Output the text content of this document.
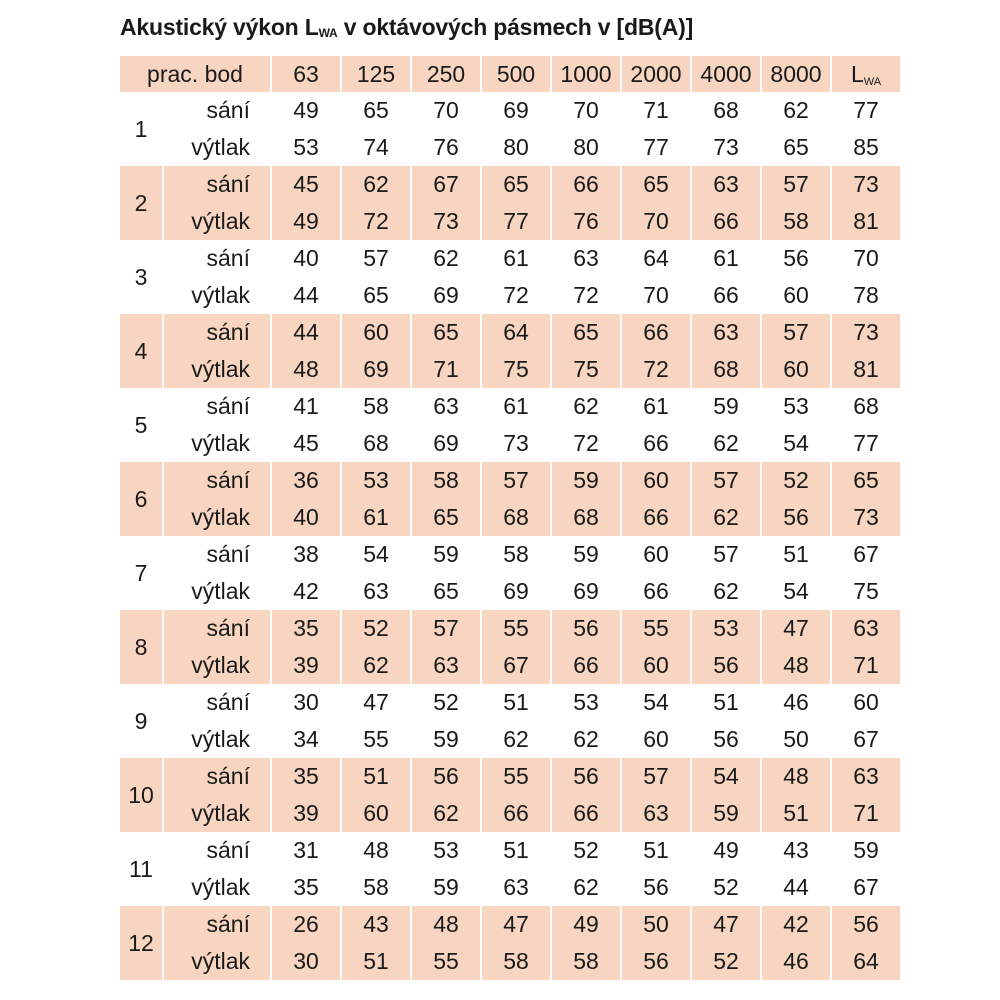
Akustický výkon $L_{WA}$ v oktávových pásmech v [dB(A)]
prac. bod		63	125	250	500	1000	2000	4000	8000	$L_{WA}$
1	sání	49	65	70	69	70	71	68	62	77
	výtlak	53	74	76	80	80	77	73	65	85
2	sání	45	62	67	65	66	65	63	57	73
	výtlak	49	72	73	77	76	70	66	58	81
3	sání	40	57	62	61	63	64	61	56	70
	výtlak	44	65	69	72	72	70	66	60	78
4	sání	44	60	65	64	65	66	63	57	73
	výtlak	48	69	71	75	75	72	68	60	81
5	sání	41	58	63	61	62	61	59	53	68
	výtlak	45	68	69	73	72	66	62	54	77
6	sání	36	53	58	57	59	60	57	52	65
	výtlak	40	61	65	68	68	66	62	56	73
7	sání	38	54	59	58	59	60	57	51	67
	výtlak	42	63	65	69	69	66	62	54	75
8	sání	35	52	57	55	56	55	53	47	63
	výtlak	39	62	63	67	66	60	56	48	71
9	sání	30	47	52	51	53	54	51	46	60
	výtlak	34	55	59	62	62	60	56	50	67
10	sání	35	51	56	55	56	57	54	48	63
	výtlak	39	60	62	66	66	63	59	51	71
11	sání	31	48	53	51	52	51	49	43	59
	výtlak	35	58	59	63	62	56	52	44	67
12	sání	26	43	48	47	49	50	47	42	56
	výtlak	30	51	55	58	58	56	52	46	64
